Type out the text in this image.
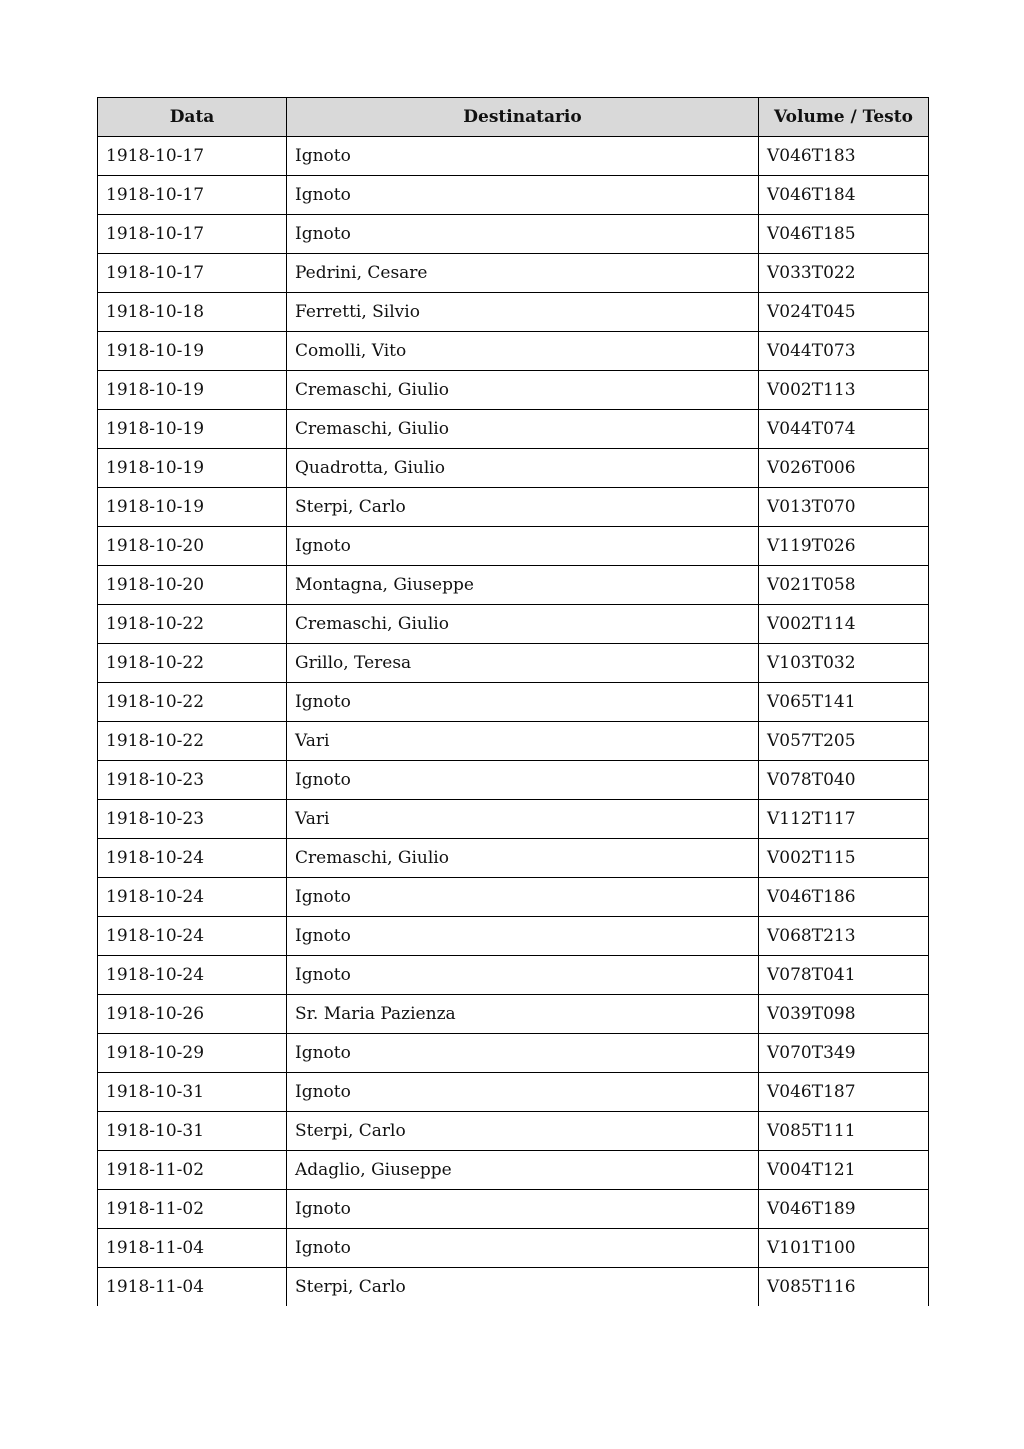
Data	Destinatario	Volume / Testo
1918-10-17	Ignoto	V046T183
1918-10-17	Ignoto	V046T184
1918-10-17	Ignoto	V046T185
1918-10-17	Pedrini, Cesare	V033T022
1918-10-18	Ferretti, Silvio	V024T045
1918-10-19	Comolli, Vito	V044T073
1918-10-19	Cremaschi, Giulio	V002T113
1918-10-19	Cremaschi, Giulio	V044T074
1918-10-19	Quadrotta, Giulio	V026T006
1918-10-19	Sterpi, Carlo	V013T070
1918-10-20	Ignoto	V119T026
1918-10-20	Montagna, Giuseppe	V021T058
1918-10-22	Cremaschi, Giulio	V002T114
1918-10-22	Grillo, Teresa	V103T032
1918-10-22	Ignoto	V065T141
1918-10-22	Vari	V057T205
1918-10-23	Ignoto	V078T040
1918-10-23	Vari	V112T117
1918-10-24	Cremaschi, Giulio	V002T115
1918-10-24	Ignoto	V046T186
1918-10-24	Ignoto	V068T213
1918-10-24	Ignoto	V078T041
1918-10-26	Sr. Maria Pazienza	V039T098
1918-10-29	Ignoto	V070T349
1918-10-31	Ignoto	V046T187
1918-10-31	Sterpi, Carlo	V085T111
1918-11-02	Adaglio, Giuseppe	V004T121
1918-11-02	Ignoto	V046T189
1918-11-04	Ignoto	V101T100
1918-11-04	Sterpi, Carlo	V085T116
